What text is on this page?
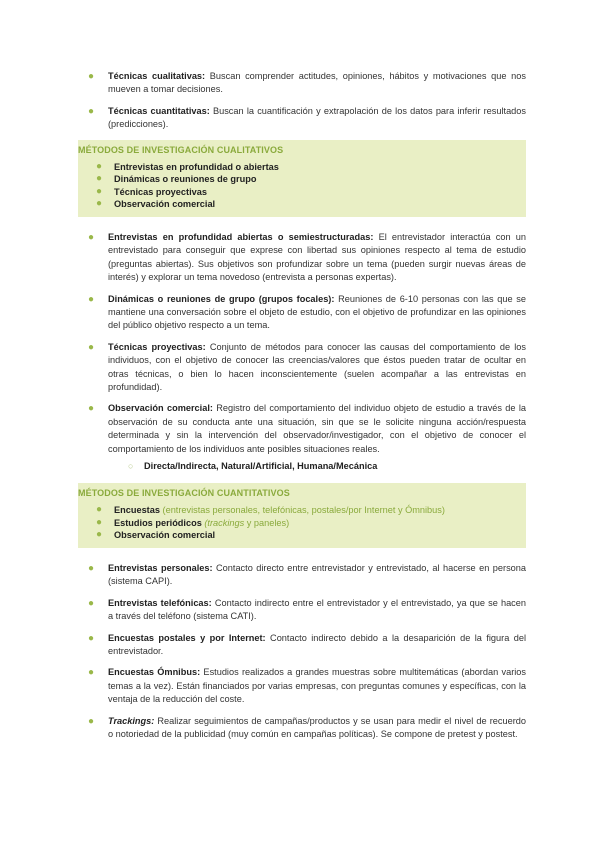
● Técnicas cualitativas: Buscan comprender actitudes, opiniones, hábitos y motivaciones que nos mueven a tomar decisiones.
● Técnicas cuantitativas: Buscan la cuantificación y extrapolación de los datos para inferir resultados (predicciones).
MÉTODOS DE INVESTIGACIÓN CUALITATIVOS
● Entrevistas en profundidad o abiertas
● Dinámicas o reuniones de grupo
● Técnicas proyectivas
● Observación comercial
● Entrevistas en profundidad abiertas o semiestructuradas: El entrevistador interactúa con un entrevistado para conseguir que exprese con libertad sus opiniones respecto al tema de estudio (preguntas abiertas). Sus objetivos son profundizar sobre un tema (pueden surgir nuevas áreas de interés) y explorar un tema novedoso (entrevista a personas expertas).
● Dinámicas o reuniones de grupo (grupos focales): Reuniones de 6-10 personas con las que se mantiene una conversación sobre el objeto de estudio, con el objetivo de profundizar en las opiniones del público objetivo respecto a un tema.
● Técnicas proyectivas: Conjunto de métodos para conocer las causas del comportamiento de los individuos, con el objetivo de conocer las creencias/valores que éstos pueden tratar de ocultar en otras técnicas, o bien lo hacen inconscientemente (suelen acompañar a las entrevistas en profundidad).
● Observación comercial: Registro del comportamiento del individuo objeto de estudio a través de la observación de su conducta ante una situación, sin que se le solicite ninguna acción/respuesta determinada y sin la intervención del observador/investigador, con el objetivo de conocer el comportamiento de los individuos ante posibles situaciones reales.
○ Directa/Indirecta, Natural/Artificial, Humana/Mecánica
MÉTODOS DE INVESTIGACIÓN CUANTITATIVOS
● Encuestas (entrevistas personales, telefónicas, postales/por Internet y Ómnibus)
● Estudios periódicos (trackings y paneles)
● Observación comercial
● Entrevistas personales: Contacto directo entre entrevistador y entrevistado, al hacerse en persona (sistema CAPI).
● Entrevistas telefónicas: Contacto indirecto entre el entrevistador y el entrevistado, ya que se hacen a través del teléfono (sistema CATI).
● Encuestas postales y por Internet: Contacto indirecto debido a la desaparición de la figura del entrevistador.
● Encuestas Ómnibus: Estudios realizados a grandes muestras sobre multitemáticas (abordan varios temas a la vez). Están financiados por varias empresas, con preguntas comunes y específicas, con la ventaja de la reducción del coste.
● Trackings: Realizar seguimientos de campañas/productos y se usan para medir el nivel de recuerdo o notoriedad de la publicidad (muy común en campañas políticas). Se compone de pretest y postest.
